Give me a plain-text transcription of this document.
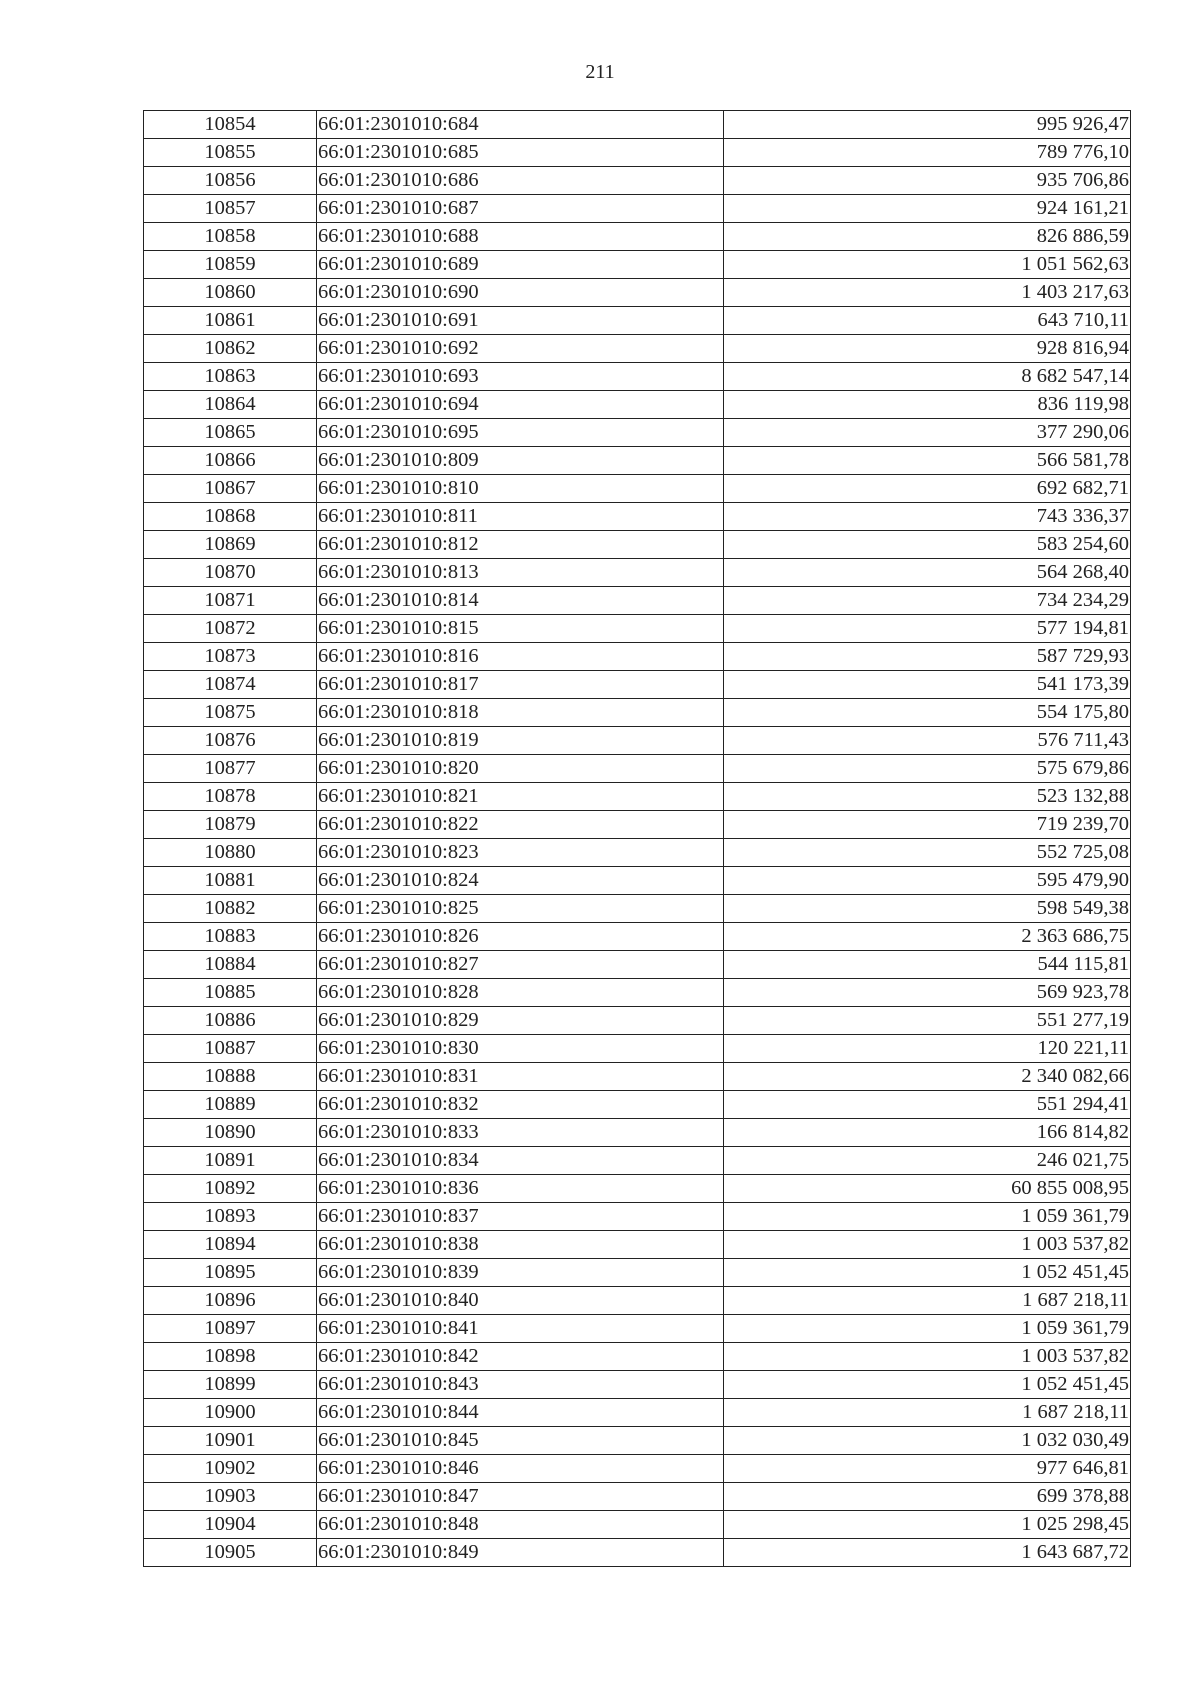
211
10854	66:01:2301010:684	995 926,47
10855	66:01:2301010:685	789 776,10
10856	66:01:2301010:686	935 706,86
10857	66:01:2301010:687	924 161,21
10858	66:01:2301010:688	826 886,59
10859	66:01:2301010:689	1 051 562,63
10860	66:01:2301010:690	1 403 217,63
10861	66:01:2301010:691	643 710,11
10862	66:01:2301010:692	928 816,94
10863	66:01:2301010:693	8 682 547,14
10864	66:01:2301010:694	836 119,98
10865	66:01:2301010:695	377 290,06
10866	66:01:2301010:809	566 581,78
10867	66:01:2301010:810	692 682,71
10868	66:01:2301010:811	743 336,37
10869	66:01:2301010:812	583 254,60
10870	66:01:2301010:813	564 268,40
10871	66:01:2301010:814	734 234,29
10872	66:01:2301010:815	577 194,81
10873	66:01:2301010:816	587 729,93
10874	66:01:2301010:817	541 173,39
10875	66:01:2301010:818	554 175,80
10876	66:01:2301010:819	576 711,43
10877	66:01:2301010:820	575 679,86
10878	66:01:2301010:821	523 132,88
10879	66:01:2301010:822	719 239,70
10880	66:01:2301010:823	552 725,08
10881	66:01:2301010:824	595 479,90
10882	66:01:2301010:825	598 549,38
10883	66:01:2301010:826	2 363 686,75
10884	66:01:2301010:827	544 115,81
10885	66:01:2301010:828	569 923,78
10886	66:01:2301010:829	551 277,19
10887	66:01:2301010:830	120 221,11
10888	66:01:2301010:831	2 340 082,66
10889	66:01:2301010:832	551 294,41
10890	66:01:2301010:833	166 814,82
10891	66:01:2301010:834	246 021,75
10892	66:01:2301010:836	60 855 008,95
10893	66:01:2301010:837	1 059 361,79
10894	66:01:2301010:838	1 003 537,82
10895	66:01:2301010:839	1 052 451,45
10896	66:01:2301010:840	1 687 218,11
10897	66:01:2301010:841	1 059 361,79
10898	66:01:2301010:842	1 003 537,82
10899	66:01:2301010:843	1 052 451,45
10900	66:01:2301010:844	1 687 218,11
10901	66:01:2301010:845	1 032 030,49
10902	66:01:2301010:846	977 646,81
10903	66:01:2301010:847	699 378,88
10904	66:01:2301010:848	1 025 298,45
10905	66:01:2301010:849	1 643 687,72
